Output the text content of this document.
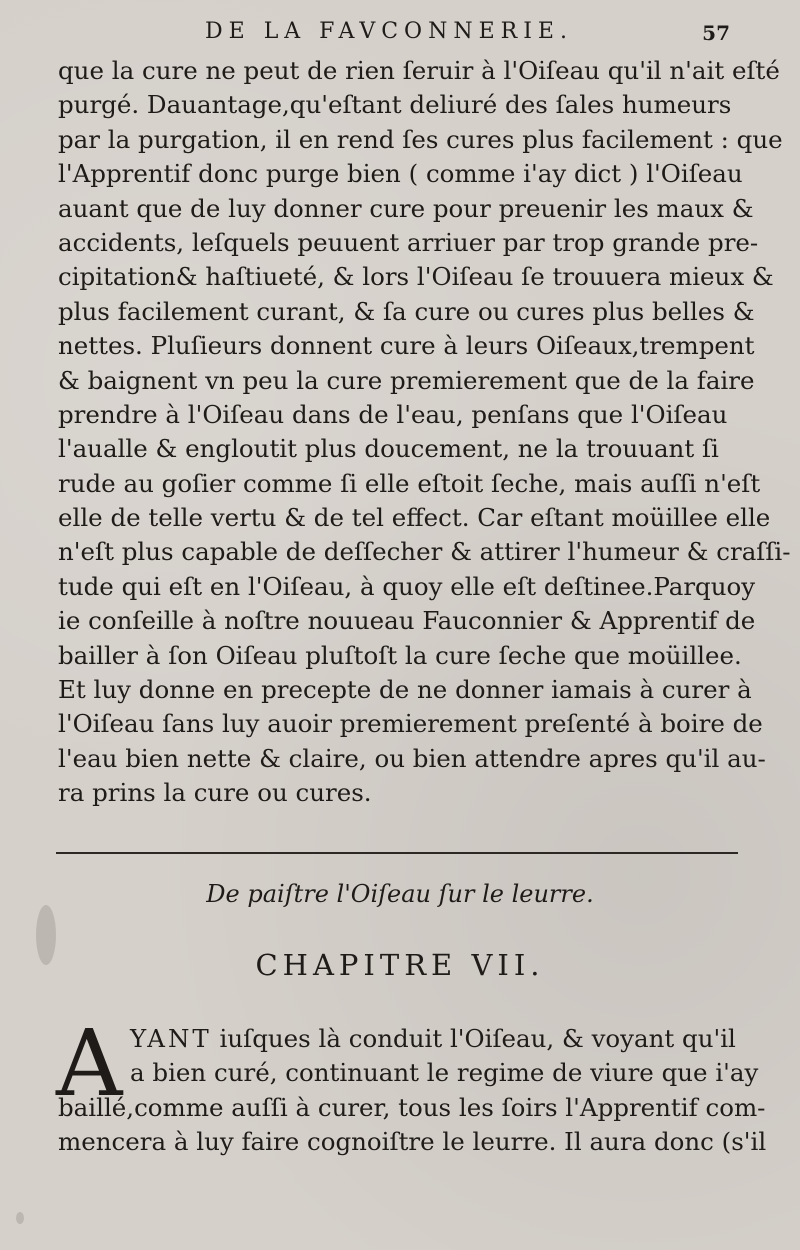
DE LA FAVCONNERIE.	57
que la cure ne peut de rien ſeruir à l'Oiſeau qu'il n'ait eſté
purgé. Dauantage,qu'eſtant deliuré des ſales humeurs
par la purgation, il en rend ſes cures plus facilement : que
l'Apprentif donc purge bien ( comme i'ay dict ) l'Oiſeau
auant que de luy donner cure pour preuenir les maux &
accidents, leſquels peuuent arriuer par trop grande pre-
cipitation& haſtiueté, & lors l'Oiſeau ſe trouuera mieux &
plus facilement curant, & ſa cure ou cures plus belles &
nettes. Pluſieurs donnent cure à leurs Oiſeaux,trempent
& baignent vn peu la cure premierement que de la faire
prendre à l'Oiſeau dans de l'eau, penſans que l'Oiſeau
l'aualle & engloutit plus doucement, ne la trouuant ſi
rude au goſier comme ſi elle eſtoit ſeche, mais auſſi n'eſt
elle de telle vertu & de tel effect. Car eſtant moüillee elle
n'eſt plus capable de deſſecher & attirer l'humeur & craſſi-
tude qui eſt en l'Oiſeau, à quoy elle eſt deſtinee.Parquoy
ie conſeille à noſtre nouueau Fauconnier & Apprentif de
bailler à ſon Oiſeau pluſtoſt la cure ſeche que moüillee.
Et luy donne en precepte de ne donner iamais à curer à
l'Oiſeau ſans luy auoir premierement preſenté à boire de
l'eau bien nette & claire, ou bien attendre apres qu'il au-
ra prins la cure ou cures.
De paiſtre l'Oiſeau ſur le leurre.
CHAPITRE VII.
A YANT iuſques là conduit l'Oiſeau, & voyant qu'il
a bien curé, continuant le regime de viure que i'ay
baillé,comme auſſi à curer, tous les ſoirs l'Apprentif com-
mencera à luy faire cognoiſtre le leurre. Il aura donc (s'il
